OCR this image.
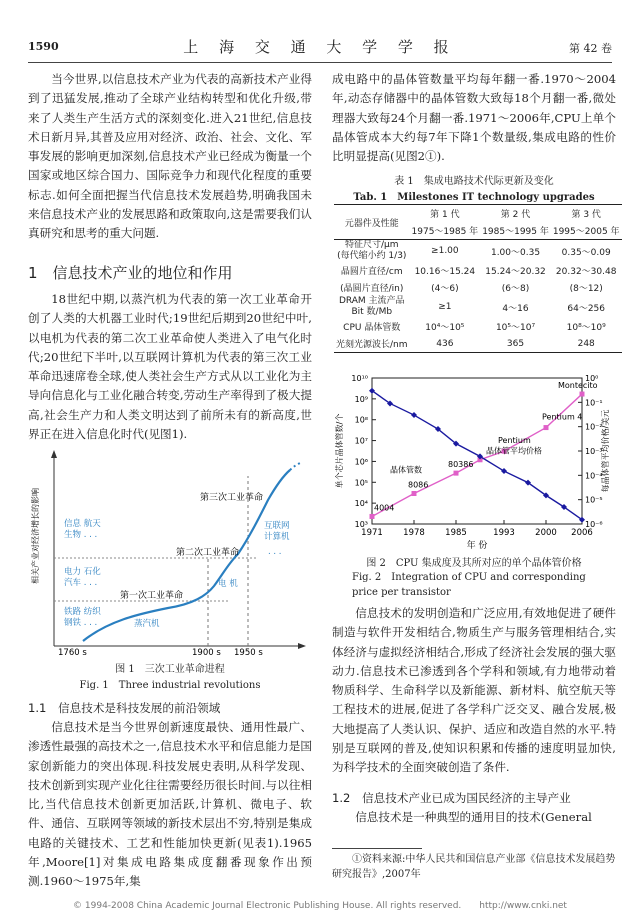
1590	上 海 交 通 大 学 学 报	第 42 卷

当今世界,以信息技术产业为代表的高新技术产业得到了迅猛发展,推动了全球产业结构转型和优化升级,带来了人类生产生活方式的深刻变化.进入21世纪,信息技术日新月异,其普及应用对经济、政治、社会、文化、军事发展的影响更加深刻,信息技术产业已经成为衡量一个国家或地区综合国力、国际竞争力和现代化程度的重要标志.如何全面把握当代信息技术发展趋势,明确我国未来信息技术产业的发展思路和政策取向,这是需要我们认真研究和思考的重大问题.

1　信息技术产业的地位和作用

18世纪中期,以蒸汽机为代表的第一次工业革命开创了人类的大机器工业时代;19世纪后期到20世纪中叶,以电机为代表的第二次工业革命使人类进入了电气化时代;20世纪下半叶,以互联网计算机为代表的第三次工业革命迅速席卷全球,使人类社会生产方式从以工业化为主导向信息化与工业化融合转变,劳动生产率得到了极大提高,社会生产力和人类文明达到了前所未有的新高度,世界正在进入信息化时代(见图1).

相关产业对经济增长的影响	第三次工业革命
第二次工业革命
第一次工业革命
信息 航天
生物 . . .
电力 石化
汽车 . . .
铁路 纺织
钢铁 . . .
互联网
计算机
蒸汽机
电 机
. . .
1760 s	1900 s 1950 s
图 1　三次工业革命进程
Fig. 1　Three industrial revolutions
1.1　信息技术是科技发展的前沿领域

信息技术是当今世界创新速度最快、通用性最广、渗透性最强的高技术之一,信息技术水平和信息能力是国家创新能力的突出体现.科技发展史表明,从科学发现、技术创新到实现产业化往往需要经历很长时间.与以往相比,当代信息技术创新更加活跃,计算机、微电子、软件、通信、互联网等领域的新技术层出不穷,特别是集成电路的关键技术、工艺和性能加快更新(见表1).1965年,Moore[1]对集成电路集成度翻番现象作出预测.1960～1975年,集

成电路中的晶体管数量平均每年翻一番.1970～2004年,动态存储器中的晶体管数大致每18个月翻一番,微处理器大致每24个月翻一番.1971～2006年,CPU上单个晶体管成本大约每7年下降1个数量级,集成电路的性价比明显提高(见图2①).

表 1　集成电路技术代际更新及变化
Tab. 1　Milestones IT technology upgrades
元器件及性能	第 1 代	第 2 代	第 3 代
	1975～1985 年	1985～1995 年	1995～2005 年
特征尺寸/μm
(每代缩小约 1/3)	≥1.00	1.00～0.35	0.35～0.09
晶圆片直径/cm	10.16～15.24	15.24～20.32	20.32～30.48
(晶圆片直径/in)	(4～6)	(6～8)	(8～12)
DRAM 主流产品
Bit 数/Mb	≥1	4～16	64～256
CPU 晶体管数	10⁴～10⁵	10⁵～10⁷	10⁸～10⁹
光刻光源波长/nm	436	365	248
10³
10⁴
10⁵
10⁶
10⁷
10⁸
10⁹
10¹⁰
10⁻⁶
10⁻⁵
10⁻⁴
10⁻³
10⁻²
10⁻¹
10⁰
1971 1978 1985	1993 2000 2006
年 份
单个芯片晶体管数/个	每晶体管平均价格/美元
晶体管数
晶体管平均价格
4004
8086
80386
Pentium
Pentium 4
Montecito
图 2　CPU 集成度及其所对应的单个晶体管价格
Fig. 2　Integration of CPU and corresponding price per transistor

信息技术的发明创造和广泛应用,有效地促进了硬件制造与软件开发相结合,物质生产与服务管理相结合,实体经济与虚拟经济相结合,形成了经济社会发展的强大驱动力.信息技术已渗透到各个学科和领域,有力地带动着物质科学、生命科学以及新能源、新材料、航空航天等工程技术的进展,促进了各学科广泛交叉、融合发展,极大地提高了人类认识、保护、适应和改造自然的水平.特别是互联网的普及,使知识积累和传播的速度明显加快,为科学技术的全面突破创造了条件.

1.2　信息技术产业已成为国民经济的主导产业

信息技术是一种典型的通用目的技术(General

①资料来源:中华人民共和国信息产业部《信息技术发展趋势研究报告》,2007年
© 1994-2008 China Academic Journal Electronic Publishing House. All rights reserved.　　http://www.cnki.net
